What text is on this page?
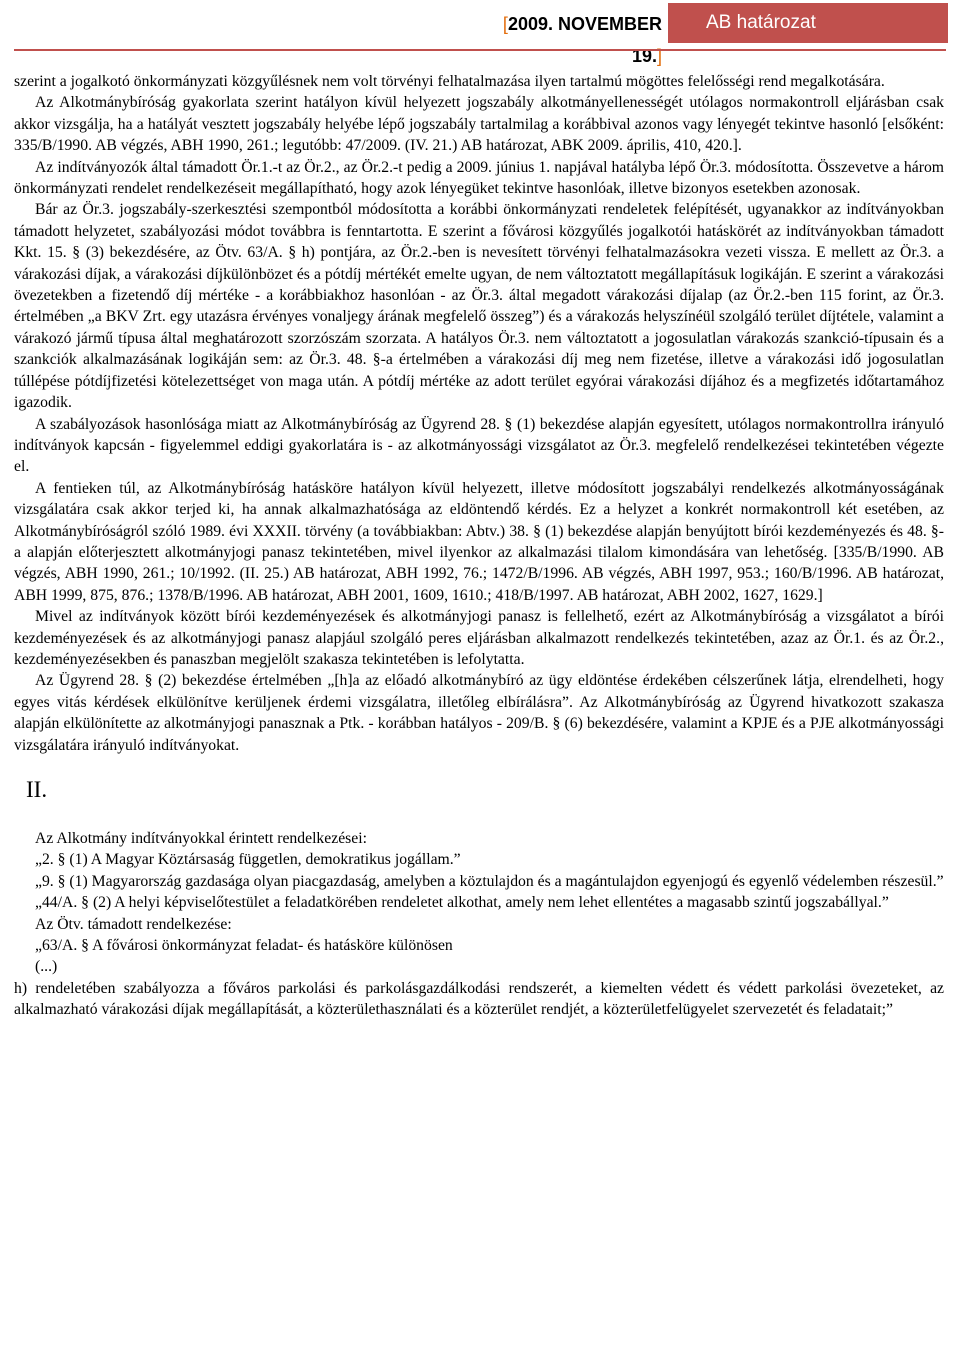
[2009. NOVEMBER 19.]
AB határozat

szerint a jogalkotó önkormányzati közgyűlésnek nem volt törvényi felhatalmazása ilyen tartalmú mögöttes felelősségi rend megalkotására.

Az Alkotmánybíróság gyakorlata szerint hatályon kívül helyezett jogszabály alkotmányellenességét utólagos normakontroll eljárásban csak akkor vizsgálja, ha a hatályát vesztett jogszabály helyébe lépő jogszabály tartalmilag a korábbival azonos vagy lényegét tekintve hasonló [elsőként: 335/B/1990. AB végzés, ABH 1990, 261.; legutóbb: 47/2009. (IV. 21.) AB határozat, ABK 2009. április, 410, 420.].

Az indítványozók által támadott Ör.1.-t az Ör.2., az Ör.2.-t pedig a 2009. június 1. napjával hatályba lépő Ör.3. módosította. Összevetve a három önkormányzati rendelet rendelkezéseit megállapítható, hogy azok lényegüket tekintve hasonlóak, illetve bizonyos esetekben azonosak.

Bár az Ör.3. jogszabály-szerkesztési szempontból módosította a korábbi önkormányzati rendeletek felépítését, ugyanakkor az indítványokban támadott helyzetet, szabályozási módot továbbra is fenntartotta. E szerint a fővárosi közgyűlés jogalkotói hatáskörét az indítványokban támadott Kkt. 15. § (3) bekezdésére, az Ötv. 63/A. § h) pontjára, az Ör.2.-ben is nevesített törvényi felhatalmazásokra vezeti vissza. E mellett az Ör.3. a várakozási díjak, a várakozási díjkülönbözet és a pótdíj mértékét emelte ugyan, de nem változtatott megállapításuk logikáján. E szerint a várakozási övezetekben a fizetendő díj mértéke - a korábbiakhoz hasonlóan - az Ör.3. által megadott várakozási díjalap (az Ör.2.-ben 115 forint, az Ör.3. értelmében „a BKV Zrt. egy utazásra érvényes vonaljegy árának megfelelő összeg”) és a várakozás helyszínéül szolgáló terület díjtétele, valamint a várakozó jármű típusa által meghatározott szorzószám szorzata. A hatályos Ör.3. nem változtatott a jogosulatlan várakozás szankció-típusain és a szankciók alkalmazásának logikáján sem: az Ör.3. 48. §-a értelmében a várakozási díj meg nem fizetése, illetve a várakozási idő jogosulatlan túllépése pótdíjfizetési kötelezettséget von maga után. A pótdíj mértéke az adott terület egyórai várakozási díjához és a megfizetés időtartamához igazodik.

A szabályozások hasonlósága miatt az Alkotmánybíróság az Ügyrend 28. § (1) bekezdése alapján egyesített, utólagos normakontrollra irányuló indítványok kapcsán - figyelemmel eddigi gyakorlatára is - az alkotmányossági vizsgálatot az Ör.3. megfelelő rendelkezései tekintetében végezte el.

A fentieken túl, az Alkotmánybíróság hatásköre hatályon kívül helyezett, illetve módosított jogszabályi rendelkezés alkotmányosságának vizsgálatára csak akkor terjed ki, ha annak alkalmazhatósága az eldöntendő kérdés. Ez a helyzet a konkrét normakontroll két esetében, az Alkotmánybíróságról szóló 1989. évi XXXII. törvény (a továbbiakban: Abtv.) 38. § (1) bekezdése alapján benyújtott bírói kezdeményezés és 48. §-a alapján előterjesztett alkotmányjogi panasz tekintetében, mivel ilyenkor az alkalmazási tilalom kimondására van lehetőség. [335/B/1990. AB végzés, ABH 1990, 261.; 10/1992. (II. 25.) AB határozat, ABH 1992, 76.; 1472/B/1996. AB végzés, ABH 1997, 953.; 160/B/1996. AB határozat, ABH 1999, 875, 876.; 1378/B/1996. AB határozat, ABH 2001, 1609, 1610.; 418/B/1997. AB határozat, ABH 2002, 1627, 1629.]

Mivel az indítványok között bírói kezdeményezések és alkotmányjogi panasz is fellelhető, ezért az Alkotmánybíróság a vizsgálatot a bírói kezdeményezések és az alkotmányjogi panasz alapjául szolgáló peres eljárásban alkalmazott rendelkezés tekintetében, azaz az Ör.1. és az Ör.2., kezdeményezésekben és panaszban megjelölt szakasza tekintetében is lefolytatta.

Az Ügyrend 28. § (2) bekezdése értelmében „[h]a az előadó alkotmánybíró az ügy eldöntése érdekében célszerűnek látja, elrendelheti, hogy egyes vitás kérdések elkülönítve kerüljenek érdemi vizsgálatra, illetőleg elbírálásra”. Az Alkotmánybíróság az Ügyrend hivatkozott szakasza alapján elkülönítette az alkotmányjogi panasznak a Ptk. - korábban hatályos - 209/B. § (6) bekezdésére, valamint a KPJE és a PJE alkotmányossági vizsgálatára irányuló indítványokat.

II.

Az Alkotmány indítványokkal érintett rendelkezései:

„2. § (1) A Magyar Köztársaság független, demokratikus jogállam.”

„9. § (1) Magyarország gazdasága olyan piacgazdaság, amelyben a köztulajdon és a magántulajdon egyenjogú és egyenlő védelemben részesül.”

„44/A. § (2) A helyi képviselőtestület a feladatkörében rendeletet alkothat, amely nem lehet ellentétes a magasabb szintű jogszabállyal.”

Az Ötv. támadott rendelkezése:

„63/A. § A fővárosi önkormányzat feladat- és hatásköre különösen

(...)

h) rendeletében szabályozza a főváros parkolási és parkolásgazdálkodási rendszerét, a kiemelten védett és védett parkolási övezeteket, az alkalmazható várakozási díjak megállapítását, a közterülethasználati és a közterület rendjét, a közterületfelügyelet szervezetét és feladatait;”
